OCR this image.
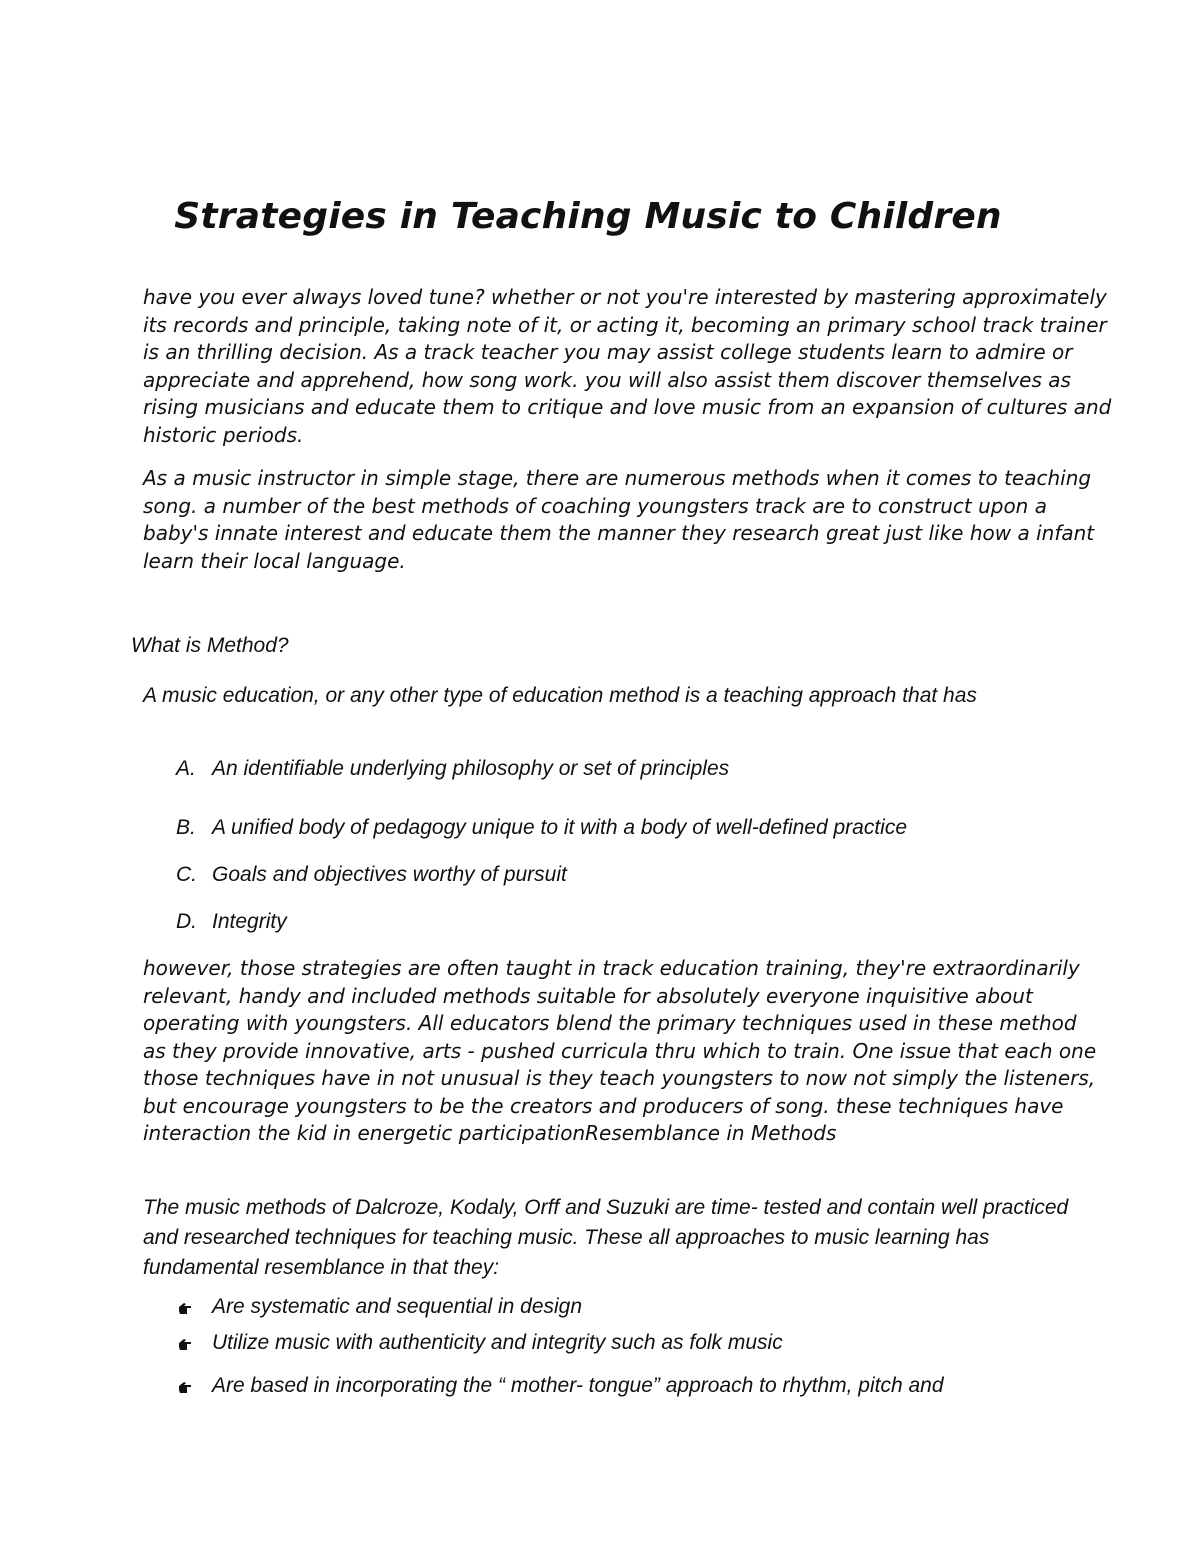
Strategies in Teaching Music to Children

have you ever always loved tune? whether or not you're interested by mastering approximately its records and principle, taking note of it, or acting it, becoming an primary school track trainer is an thrilling decision. As a track teacher you may assist college students learn to admire or appreciate and apprehend, how song work. you will also assist them discover themselves as rising musicians and educate them to critique and love music from an expansion of cultures and historic periods.

As a music instructor in simple stage, there are numerous methods when it comes to teaching song. a number of the best methods of coaching youngsters track are to construct upon a baby's innate interest and educate them the manner they research great just like how a infant learn their local language.

What is Method?

A music education, or any other type of education method is a teaching approach that has

A. An identifiable underlying philosophy or set of principles
B. A unified body of pedagogy unique to it with a body of well-defined practice
C. Goals and objectives worthy of pursuit
D. Integrity

however, those strategies are often taught in track education training, they're extraordinarily relevant, handy and included methods suitable for absolutely everyone inquisitive about operating with youngsters. All educators blend the primary techniques used in these method as they provide innovative, arts - pushed curricula thru which to train. One issue that each one those techniques have in not unusual is they teach youngsters to now not simply the listeners, but encourage youngsters to be the creators and producers of song. these techniques have interaction the kid in energetic participationResemblance in Methods

The music methods of Dalcroze, Kodaly, Orff and Suzuki are time- tested and contain well practiced and researched techniques for teaching music. These all approaches to music learning has fundamental resemblance in that they:

Are systematic and sequential in design
Utilize music with authenticity and integrity such as folk music
Are based in incorporating the “ mother- tongue” approach to rhythm, pitch and
